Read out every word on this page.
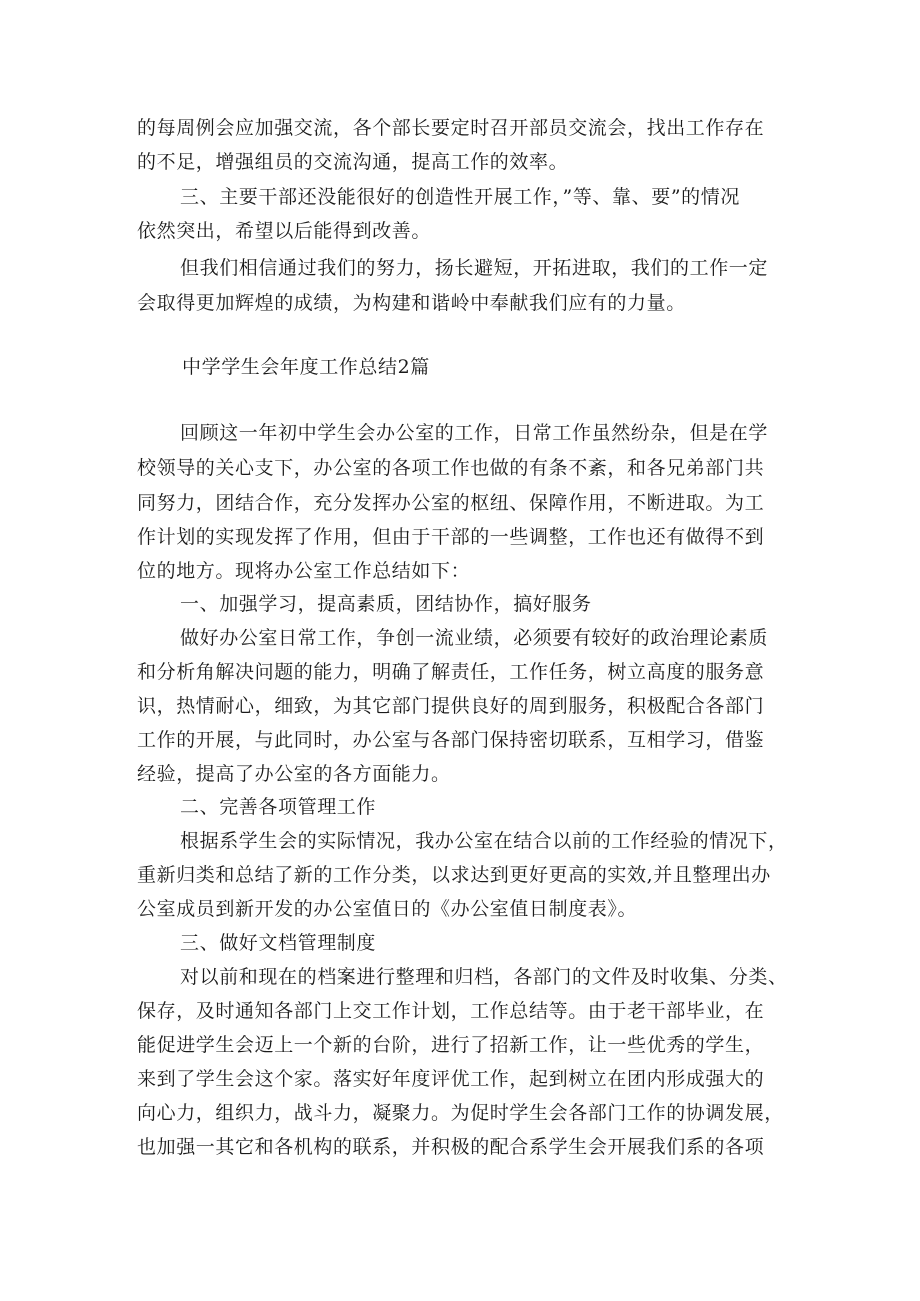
的每周例会应加强交流，各个部长要定时召开部员交流会，找出工作存在
的不足，增强组员的交流沟通，提高工作的效率。
三、主要干部还没能很好的创造性开展工作，”等、靠、要”的情况
依然突出，希望以后能得到改善。
但我们相信通过我们的努力，扬长避短，开拓进取，我们的工作一定
会取得更加辉煌的成绩，为构建和谐岭中奉献我们应有的力量。
中学学生会年度工作总结2篇
回顾这一年初中学生会办公室的工作，日常工作虽然纷杂，但是在学
校领导的关心支下，办公室的各项工作也做的有条不紊，和各兄弟部门共
同努力，团结合作，充分发挥办公室的枢纽、保障作用，不断进取。为工
作计划的实现发挥了作用，但由于干部的一些调整，工作也还有做得不到
位的地方。现将办公室工作总结如下：
一、加强学习，提高素质，团结协作，搞好服务
做好办公室日常工作，争创一流业绩，必须要有较好的政治理论素质
和分析角解决问题的能力，明确了解责任，工作任务，树立高度的服务意
识，热情耐心，细致，为其它部门提供良好的周到服务，积极配合各部门
工作的开展，与此同时，办公室与各部门保持密切联系，互相学习，借鉴
经验，提高了办公室的各方面能力。
二、完善各项管理工作
根据系学生会的实际情况，我办公室在结合以前的工作经验的情况下，
重新归类和总结了新的工作分类，以求达到更好更高的实效,并且整理出办
公室成员到新开发的办公室值日的《办公室值日制度表》。
三、做好文档管理制度
对以前和现在的档案进行整理和归档，各部门的文件及时收集、分类、
保存，及时通知各部门上交工作计划，工作总结等。由于老干部毕业，在
能促进学生会迈上一个新的台阶，进行了招新工作，让一些优秀的学生，
来到了学生会这个家。落实好年度评优工作，起到树立在团内形成强大的
向心力，组织力，战斗力，凝聚力。为促时学生会各部门工作的协调发展，
也加强一其它和各机构的联系，并积极的配合系学生会开展我们系的各项
